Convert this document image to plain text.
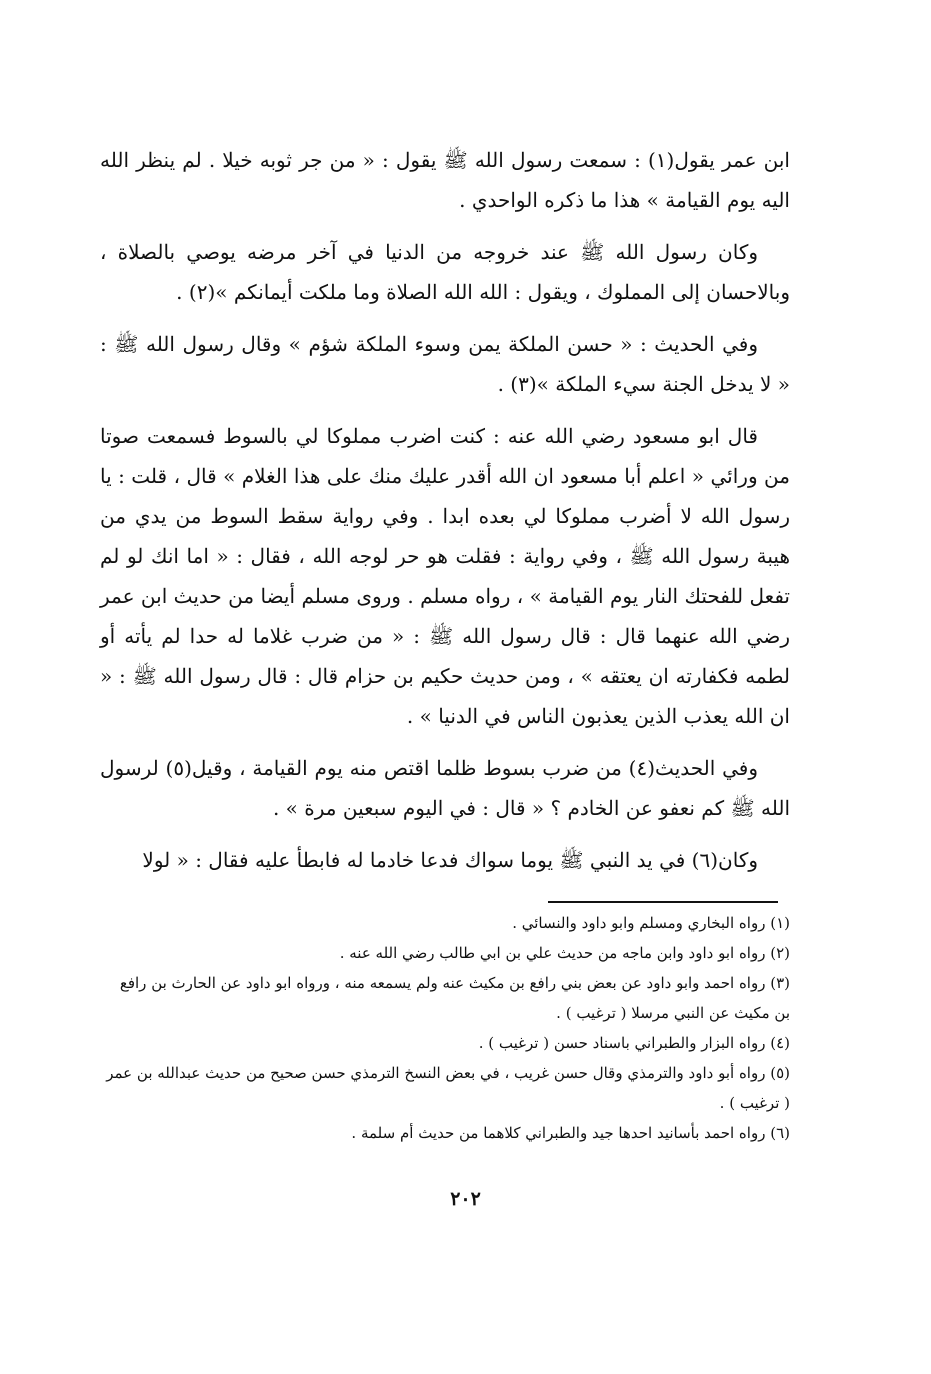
ابن عمر يقول(١) : سمعت رسول الله ﷺ يقول : « من جر ثوبه خيلا . لم ينظر الله اليه يوم القيامة » هذا ما ذكره الواحدي .

وكان رسول الله ﷺ عند خروجه من الدنيا في آخر مرضه يوصي بالصلاة ، وبالاحسان إلى المملوك ، ويقول : الله الله الصلاة وما ملكت أيمانكم »(٢) .

وفي الحديث : « حسن الملكة يمن وسوء الملكة شؤم » وقال رسول الله ﷺ : « لا يدخل الجنة سيء الملكة »(٣) .

قال ابو مسعود رضي الله عنه : كنت اضرب مملوكا لي بالسوط فسمعت صوتا من ورائي « اعلم أبا مسعود ان الله أقدر عليك منك على هذا الغلام » قال ، قلت : يا رسول الله لا أضرب مملوكا لي بعده ابدا . وفي رواية سقط السوط من يدي من هيبة رسول الله ﷺ ، وفي رواية : فقلت هو حر لوجه الله ، فقال : « اما انك لو لم تفعل للفحتك النار يوم القيامة » ، رواه مسلم . وروى مسلم أيضا من حديث ابن عمر رضي الله عنهما قال : قال رسول الله ﷺ : « من ضرب غلاما له حدا لم يأته أو لطمه فكفارته ان يعتقه » ، ومن حديث حكيم بن حزام قال : قال رسول الله ﷺ : « ان الله يعذب الذين يعذبون الناس في الدنيا » .

وفي الحديث(٤) من ضرب بسوط ظلما اقتص منه يوم القيامة ، وقيل(٥) لرسول الله ﷺ كم نعفو عن الخادم ؟ « قال : في اليوم سبعين مرة » .

وكان(٦) في يد النبي ﷺ يوما سواك فدعا خادما له فابطأ عليه فقال : « لولا

(١) رواه البخاري ومسلم وابو داود والنسائي .

(٢) رواه ابو داود وابن ماجه من حديث علي بن ابي طالب رضي الله عنه .

(٣) رواه احمد وابو داود عن بعض بني رافع بن مكيث عنه ولم يسمعه منه ، ورواه ابو داود عن الحارث بن رافع بن مكيث عن النبي مرسلا ( ترغيب ) .

(٤) رواه البزار والطبراني باسناد حسن ( ترغيب ) .

(٥) رواه أبو داود والترمذي وقال حسن غريب ، في بعض النسخ الترمذي حسن صحيح من حديث عبدالله بن عمر ( ترغيب ) .

(٦) رواه احمد بأسانيد احدها جيد والطبراني كلاهما من حديث أم سلمة .

٢٠٢
